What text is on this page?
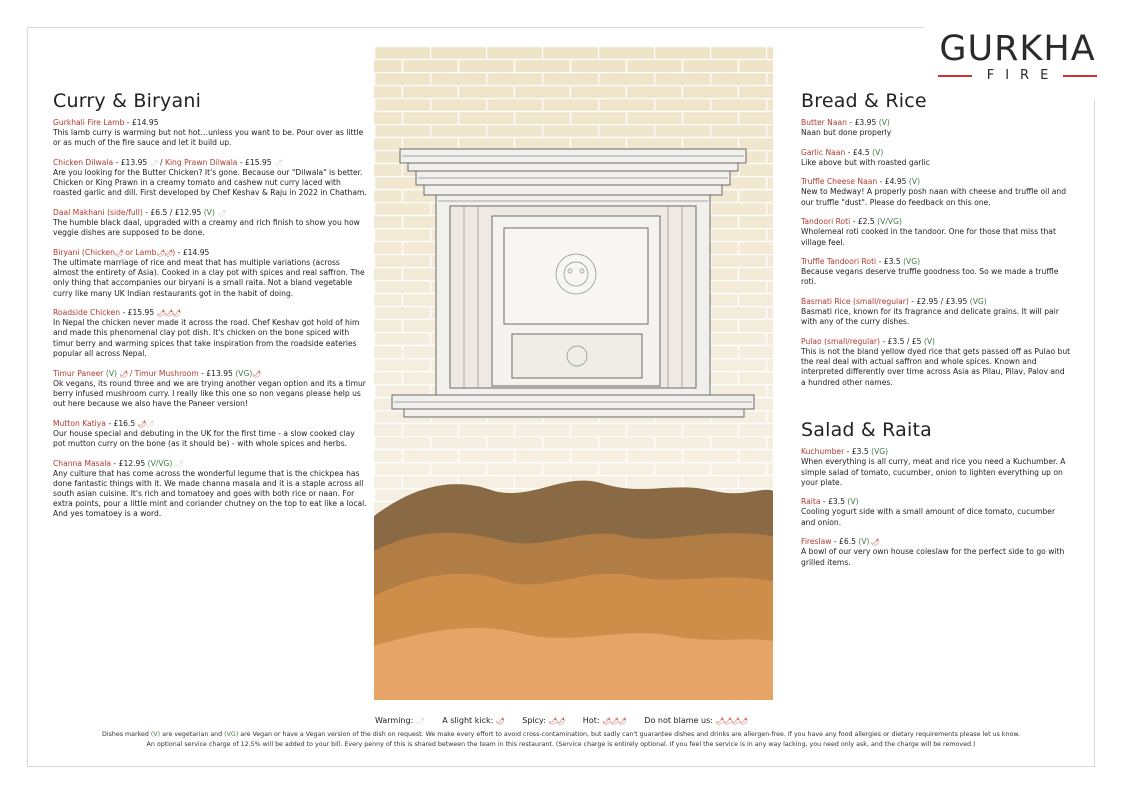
GURKHA
FIRE
Curry & Biryani
Gurkhali Fire Lamb - £14.95
This lamb curry is warming but not hot…unless you want to be. Pour over as little or as much of the fire sauce and let it build up.
Chicken Dilwala - £13.95 🌶 / King Prawn Dilwala - £15.95 🌶
Are you looking for the Butter Chicken? It's gone. Because our "Dilwala" is better. Chicken or King Prawn in a creamy tomato and cashew nut curry laced with roasted garlic and dill. First developed by Chef Keshav & Raju in 2022 in Chatham.
Daal Makhani (side/full) - £6.5 / £12.95 (V) 🌶
The humble black daal, upgraded with a creamy and rich finish to show you how veggie dishes are supposed to be done.
Biryani (Chicken🌶 or Lamb🌶🌶) - £14.95
The ultimate marriage of rice and meat that has multiple variations (across almost the entirety of Asia). Cooked in a clay pot with spices and real saffron. The only thing that accompanies our biryani is a small raita. Not a bland vegetable curry like many UK Indian restaurants got in the habit of doing.
Roadside Chicken - £15.95 🌶🌶🌶
In Nepal the chicken never made it across the road. Chef Keshav got hold of him and made this phenomenal clay pot dish. It's chicken on the bone spiced with timur berry and warming spices that take inspiration from the roadside eateries popular all across Nepal.
Timur Paneer (V) 🌶 / Timur Mushroom - £13.95 (VG)🌶
Ok vegans, its round three and we are trying another vegan option and its a timur berry infused mushroom curry. I really like this one so non vegans please help us out here because we also have the Paneer version!
Mutton Katiya - £16.5 🌶🌶
Our house special and debuting in the UK for the first time - a slow cooked clay pot mutton curry on the bone (as it should be) - with whole spices and herbs.
Channa Masala - £12.95 (V/VG) 🌶
Any culture that has come across the wonderful legume that is the chickpea has done fantastic things with it. We made channa masala and it is a staple across all south asian cuisine. It's rich and tomatoey and goes with both rice or naan. For extra points, pour a little mint and coriander chutney on the top to eat like a local. And yes tomatoey is a word.
Bread & Rice
Butter Naan - £3.95 (V)
Naan but done properly
Garlic Naan - £4.5 (V)
Like above but with roasted garlic
Truffle Cheese Naan - £4.95 (V)
New to Medway! A properly posh naan with cheese and truffle oil and our truffle "dust". Please do feedback on this one.
Tandoori Roti - £2.5 (V/VG)
Wholemeal roti cooked in the tandoor. One for those that miss that village feel.
Truffle Tandoori Roti - £3.5 (VG)
Because vegans deserve truffle goodness too. So we made a truffle roti.
Basmati Rice (small/regular) - £2.95 / £3.95 (VG)
Basmati rice, known for its fragrance and delicate grains. It will pair with any of the curry dishes.
Pulao (small/regular) - £3.5 / £5 (V)
This is not the bland yellow dyed rice that gets passed off as Pulao but the real deal with actual saffron and whole spices. Known and interpreted differently over time across Asia as Pilau, Pilav, Palov and a hundred other names.
Salad & Raita
Kuchumber - £3.5 (VG)
When everything is all curry, meat and rice you need a Kuchumber. A simple salad of tomato, cucumber, onion to lighten everything up on your plate.
Raita - £3.5 (V)
Cooling yogurt side with a small amount of dice tomato, cucumber and onion.
Fireslaw - £6.5 (V) 🌶
A bowl of our very own house coleslaw for the perfect side to go with grilled items.
Warming: 🌶 A slight kick: 🌶 Spicy: 🌶🌶 Hot: 🌶🌶🌶 Do not blame us: 🌶🌶🌶🌶
Dishes marked (V) are vegetarian and (VG) are Vegan or have a Vegan version of the dish on request. We make every effort to avoid cross-contamination, but sadly can't guarantee dishes and drinks are allergen-free. If you have any food allergies or dietary requirements please let us know.
An optional service charge of 12.5% will be added to your bill. Every penny of this is shared between the team in this restaurant. (Service charge is entirely optional. If you feel the service is in any way lacking, you need only ask, and the charge will be removed.)
